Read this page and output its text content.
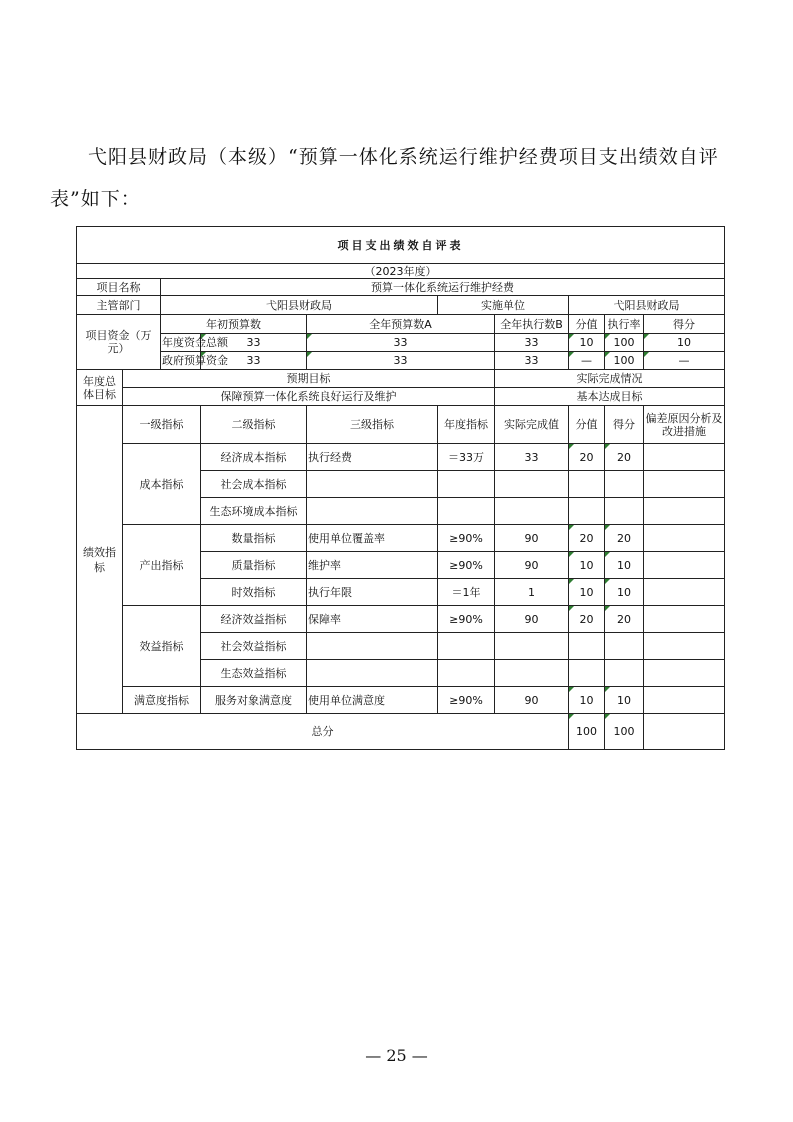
弋阳县财政局（本级）“预算一体化系统运行维护经费项目支出绩效自评表”如下：
项目支出绩效自评表									
（2023年度）									
项目名称		预算一体化系统运行维护经费							
主管部门		弋阳县财政局			实施单位		弋阳县财政局		
项目资金（万元）		年初预算数		全年预算数A		全年执行数B	分值	执行率	得分
		年度资金总额	33	33		33	10	100	10
		政府预算资金	33	33		33	—	100	—
年度总体目标	预期目标					实际完成情况			
	保障预算一体化系统良好运行及维护					基本达成目标			
绩效指标	一级指标		二级指标	三级指标	年度指标	实际完成值	分值	得分	偏差原因分析及改进措施
	成本指标		经济成本指标	执行经费	＝33万	33	20	20	
			社会成本指标						
			生态环境成本指标						
	产出指标		数量指标	使用单位覆盖率	≥90%	90	20	20	
			质量指标	维护率	≥90%	90	10	10	
			时效指标	执行年限	＝1年	1	10	10	
	效益指标		经济效益指标	保障率	≥90%	90	20	20	
			社会效益指标						
			生态效益指标						
	满意度指标		服务对象满意度	使用单位满意度	≥90%	90	10	10	
总分							100	100	
— 25 —
